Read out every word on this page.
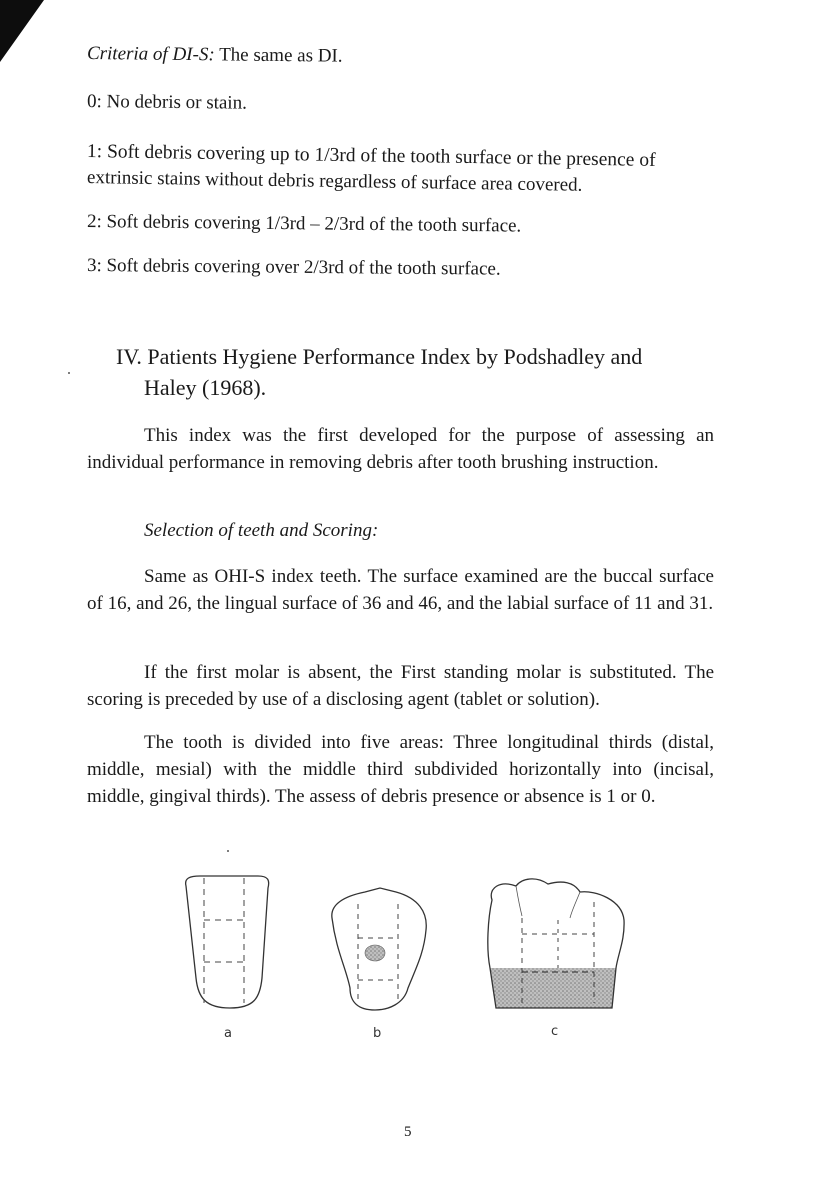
Criteria of DI-S: The same as DI.
0: No debris or stain.
1: Soft debris covering up to 1/3rd of the tooth surface or the presence of
extrinsic stains without debris regardless of surface area covered.
2: Soft debris covering 1/3rd – 2/3rd of the tooth surface.
3: Soft debris covering over 2/3rd of the tooth surface.
IV. Patients Hygiene Performance Index by Podshadley and
Haley (1968).
This index was the first developed for the purpose of assessing an individual performance in removing debris after tooth brushing instruction.
Selection of teeth and Scoring:
Same as OHI-S index teeth. The surface examined are the buccal surface of 16, and 26, the lingual surface of 36 and 46, and the labial surface of 11 and 31.
If the first molar is absent, the First standing molar is substituted. The scoring is preceded by use of a disclosing agent (tablet or solution).
The tooth is divided into five areas: Three longitudinal thirds (distal, middle, mesial) with the middle third subdivided horizontally into (incisal, middle, gingival thirds). The assess of debris presence or absence is 1 or 0.
a	b	c
5
